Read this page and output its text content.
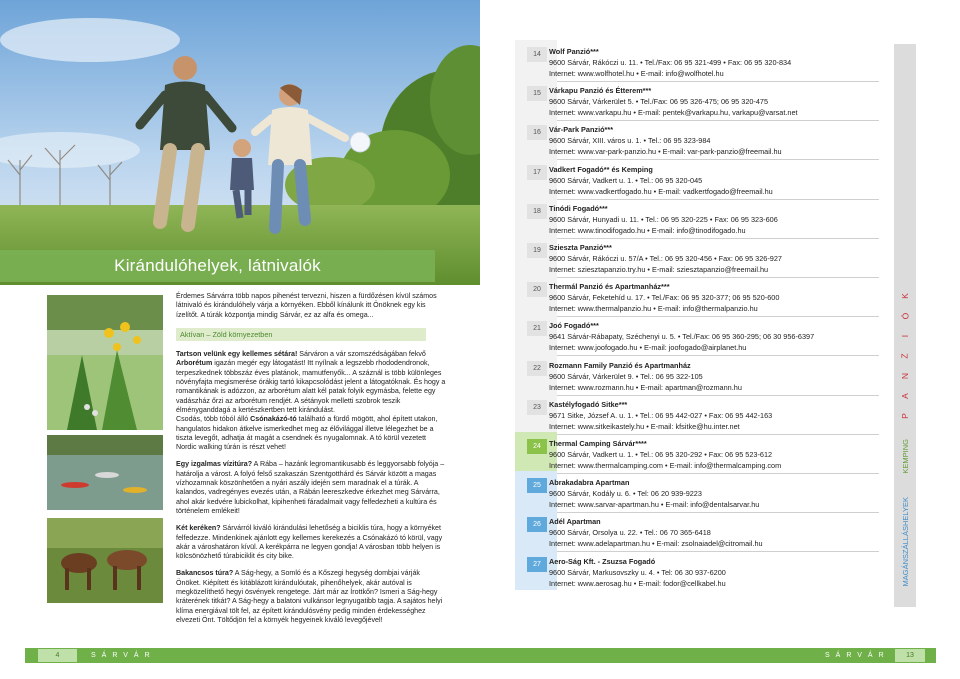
Kirándulóhelyek, látnivalók

Érdemes Sárvárra több napos pihenést tervezni, hiszen a fürdőzésen kívül számos látnivaló és kirándulóhely várja a környéken. Ebből kínálunk itt Önöknek egy kis ízelítőt. A túrák központja mindig Sárvár, ez az alfa és omega...

Aktívan – Zöld környezetben

Tartson velünk egy kellemes sétára! Sárváron a vár szomszédságában fekvő Arborétum igazán megér egy látogatást! Itt nyílnak a legszebb rhododendronok, terpeszkednek többszáz éves platánok, mamutfenyők... A száznál is több különleges növényfajta megismerése órákig tartó kikapcsolódást jelent a látogatóknak. És hogy a romantikának is adózzon, az arborétum alatt kél patak folyik egymásba, felette egy vadászház őrzi az arborétum rendjét. A sétányok melletti szobrok teszik élményganddagá a kertészkertben tett kirándulást.
Csodás, több tóból álló Csónakázó-tó található a fürdő mögött, ahol épített utakon, hangulatos hidakon átkelve ismerkedhet meg az élővilággal illetve lélegezhet be a tiszta levegőt, adhatja át magát a csendnek és nyugalomnak. A tó körül vezetett Nordic walking túrán is részt vehet!

Egy izgalmas vízitúra? A Rába – hazánk legromantikusabb és leggyorsabb folyója – határolja a várost. A folyó felső szakaszán Szentgotthárd és Sárvár között a magas vízhozamnak köszönhetően a nyári aszály idején sem maradnak el a túrák. A kalandos, vadregényes evezés után, a Rábán leereszkedve érkezhet meg Sárvárra, ahol akár kedvére lubickolhat, kipihenheti fáradalmait vagy felfedezheti a kultúra és történelem emlékeit!

Két keréken? Sárvárról kiváló kirándulási lehetőség a biciklis túra, hogy a környéket felfedezze. Mindenkinek ajánlott egy kellemes kerekezés a Csónakázó tó körül, vagy akár a városhatáron kívül. A kerékpárra ne legyen gondja! A városban több helyen is kölcsönözhető túrabiciklit és city bike.

Bakancsos túra? A Ság-hegy, a Somló és a Kőszegi hegység dombjai várják Önöket. Kiépített és kitáblázott kirándulóutak, pihenőhelyek, akár autóval is megközelíthető hegyi ösvények rengetege. Járt már az Írottkőn? Ismeri a Ság-hegy kráterének titkát? A Ság-hegy a balatoni vulkánsor legnyugatibb tagja. A sajátos helyi klíma energiával tölt fel, az épített kirándulósvény pedig minden érdekességhez elvezeti Önt. Töltődjön fel a környék hegyeinek kiváló levegőjével!

4	SÁRVÁR
14	Wolf Panzió***
9600 Sárvár, Rákóczi u. 11. • Tel./Fax: 06 95 321-499 • Fax: 06 95 320-834
Internet: www.wolfhotel.hu • E-mail: info@wolfhotel.hu
15	Várkapu Panzió és Étterem***
9600 Sárvár, Várkerület 5. • Tel./Fax: 06 95 326-475; 06 95 320-475
Internet: www.varkapu.hu • E-mail: pentek@varkapu.hu, varkapu@varsat.net
16	Vár-Park Panzió***
9600 Sárvár, XIII. város u. 1. • Tel.: 06 95 323-984
Internet: www.var-park-panzio.hu • E-mail: var-park-panzio@freemail.hu
17	Vadkert Fogadó** és Kemping
9600 Sárvár, Vadkert u. 1. • Tel.: 06 95 320-045
Internet: www.vadkertfogado.hu • E-mail: vadkertfogado@freemail.hu
18	Tinódi Fogadó***
9600 Sárvár, Hunyadi u. 11. • Tel.: 06 95 320-225 • Fax: 06 95 323-606
Internet: www.tinodifogado.hu • E-mail: info@tinodifogado.hu
19	Szieszta Panzió***
9600 Sárvár, Rákóczi u. 57/A • Tel.: 06 95 320-456 • Fax: 06 95 326-927
Internet: sziesztapanzio.try.hu • E-mail: sziesztapanzio@freemail.hu
20	Thermál Panzió és Apartmanház***
9600 Sárvár, Feketehíd u. 17. • Tel./Fax: 06 95 320-377; 06 95 520-600
Internet: www.thermalpanzio.hu • E-mail: info@thermalpanzio.hu
21	Joó Fogadó***
9641 Sárvár-Rábapaty, Széchenyi u. 5. • Tel./Fax: 06 95 360-295; 06 30 956-6397
Internet: www.joofogado.hu • E-mail: joofogado@airplanet.hu
22	Rozmann Family Panzió és Apartmanház
9600 Sárvár, Várkerület 9. • Tel.: 06 95 322-105
Internet: www.rozmann.hu • E-mail: apartman@rozmann.hu
23	Kastélyfogadó Sitke***
9671 Sitke, József A. u. 1. • Tel.: 06 95 442-027 • Fax: 06 95 442-163
Internet: www.sitkeikastely.hu • E-mail: kfsitke@hu.inter.net
24	Thermal Camping Sárvár****
9600 Sárvár, Vadkert u. 1. • Tel.: 06 95 320-292 • Fax: 06 95 523-612
Internet: www.thermalcamping.com • E-mail: info@thermalcamping.com
25	Abrakadabra Apartman
9600 Sárvár, Kodály u. 6. • Tel: 06 20 939-9223
Internet: www.sarvar-apartman.hu • E-mail: info@dentalsarvar.hu
26	Adél Apartman
9600 Sárvár, Orsolya u. 22. • Tel.: 06 70 365-6418
Internet: www.adelapartman.hu • E-mail: zsolnaiadel@citromail.hu
27	Aero-Ság Kft. - Zsuzsa Fogadó
9600 Sárvár, Markusovszky u. 4. • Tel: 06 30 937-6200
Internet: www.aerosag.hu • E-mail: fodor@cellkabel.hu
K
Ó
I
Z
N
A
P
KEMPING
MAGÁNSZÁLLÁSHELYEK
SÁRVÁR	13
